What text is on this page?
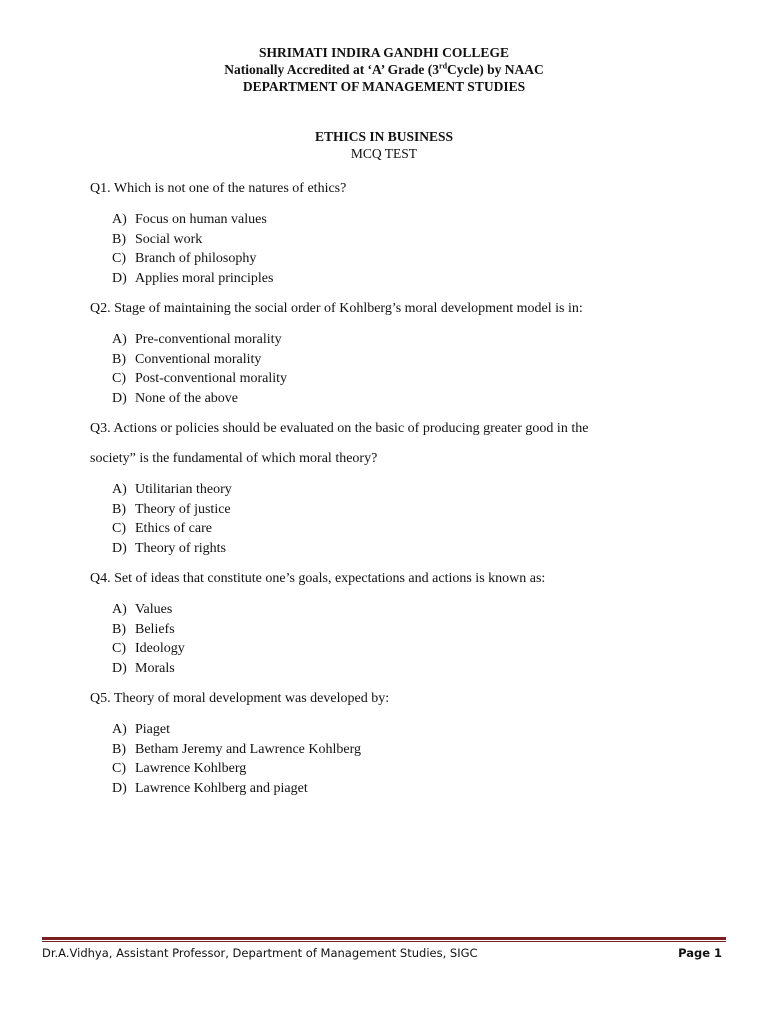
SHRIMATI INDIRA GANDHI COLLEGE
Nationally Accredited at ‘A’ Grade (3rdCycle) by NAAC
DEPARTMENT OF MANAGEMENT STUDIES
ETHICS IN BUSINESS
MCQ TEST

Q1. Which is not one of the natures of ethics?

A) Focus on human values
B) Social work
C) Branch of philosophy
D) Applies moral principles

Q2. Stage of maintaining the social order of Kohlberg’s moral development model is in:

A) Pre-conventional morality
B) Conventional morality
C) Post-conventional morality
D) None of the above

Q3. Actions or policies should be evaluated on the basic of producing greater good in the

society” is the fundamental of which moral theory?

A) Utilitarian theory
B) Theory of justice
C) Ethics of care
D) Theory of rights

Q4. Set of ideas that constitute one’s goals, expectations and actions is known as:

A) Values
B) Beliefs
C) Ideology
D) Morals

Q5. Theory of moral development was developed by:

A) Piaget
B) Betham Jeremy and Lawrence Kohlberg
C) Lawrence Kohlberg
D) Lawrence Kohlberg and piaget
Dr.A.Vidhya, Assistant Professor, Department of Management Studies, SIGC	Page 1
